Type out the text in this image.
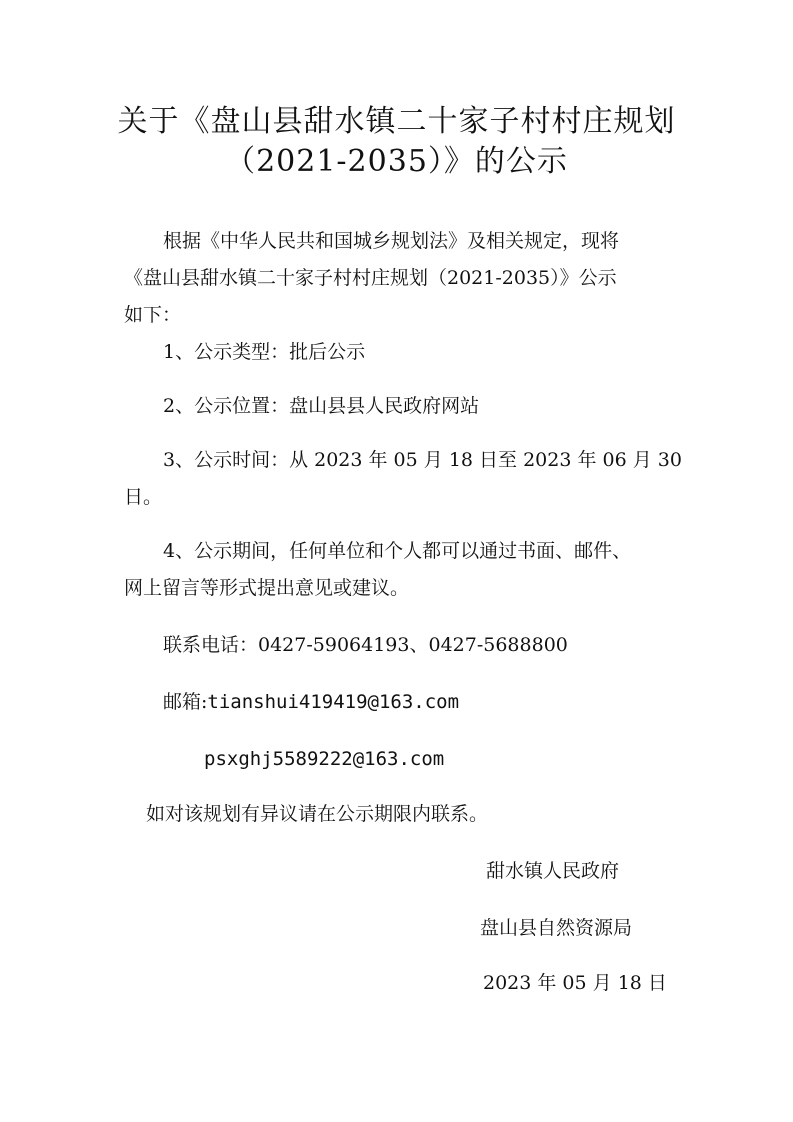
关于《盘山县甜水镇二十家子村村庄规划
（2021-2035）》的公示
根据《中华人民共和国城乡规划法》及相关规定，现将
《盘山县甜水镇二十家子村村庄规划（2021-2035）》公示
如下：
1、公示类型：批后公示
2、公示位置：盘山县县人民政府网站
3、公示时间：从 2023 年 05 月 18 日至 2023 年 06 月 30
日。
4、公示期间，任何单位和个人都可以通过书面、邮件、
网上留言等形式提出意见或建议。
联系电话：0427-59064193、0427-5688800
邮箱:tianshui419419@163.com
psxghj5589222@163.com
如对该规划有异议请在公示期限内联系。
甜水镇人民政府
盘山县自然资源局
2023 年 05 月 18 日
